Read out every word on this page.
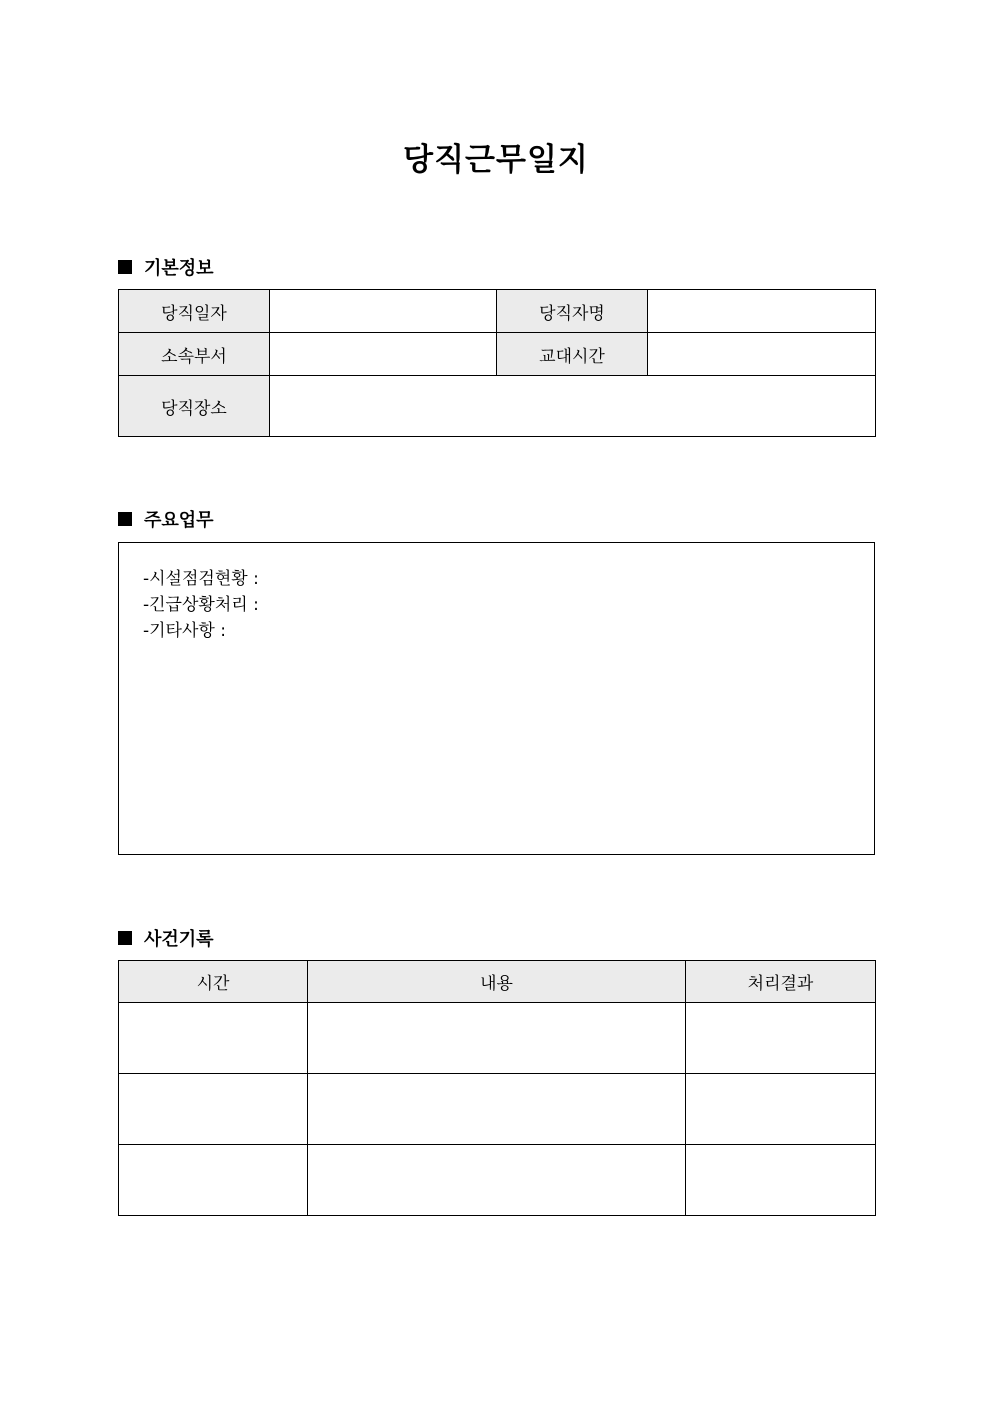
당직근무일지
기본정보
당직일자		당직자명	
소속부서		교대시간	
당직장소			
주요업무
-시설점검현황 :
-긴급상황처리 :
-기타사항 :
사건기록
시간	내용	처리결과
